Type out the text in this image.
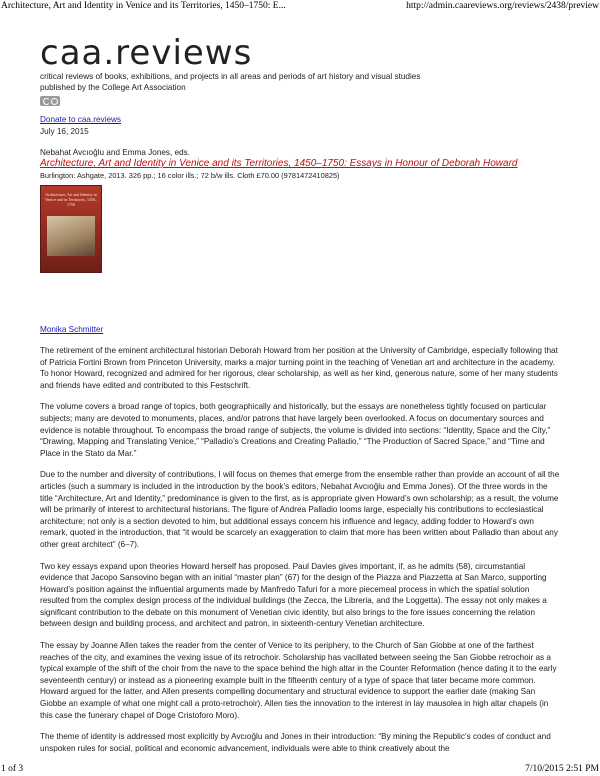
Architecture, Art and Identity in Venice and its Territories, 1450–1750: E...	http://admin.caareviews.org/reviews/2438/preview
caa.reviews
critical reviews of books, exhibitions, and projects in all areas and periods of art history and visual studies
published by the College Art Association
Donate to caa.reviews
July 16, 2015
Nebahat Avcıoğlu and Emma Jones, eds.
Architecture, Art and Identity in Venice and its Territories, 1450–1750: Essays in Honour of Deborah Howard
Burlington: Ashgate, 2013. 326 pp.; 16 color ills.; 72 b/w ills. Cloth £70.00 (9781472410825)
Architecture, Art and Identity in Venice and its Territories, 1450–1750
Monika Schmitter

The retirement of the eminent architectural historian Deborah Howard from her position at the University of Cambridge, especially following that of Patricia Fortini Brown from Princeton University, marks a major turning point in the teaching of Venetian art and architecture in the academy. To honor Howard, recognized and admired for her rigorous, clear scholarship, as well as her kind, generous nature, some of her many students and friends have edited and contributed to this Festschrift.

The volume covers a broad range of topics, both geographically and historically, but the essays are nonetheless tightly focused on particular subjects; many are devoted to monuments, places, and/or patrons that have largely been overlooked. A focus on documentary sources and evidence is notable throughout. To encompass the broad range of subjects, the volume is divided into sections: “Identity, Space and the City,” “Drawing, Mapping and Translating Venice,” “Palladio’s Creations and Creating Palladio,” “The Production of Sacred Space,” and “Time and Place in the Stato da Mar.”

Due to the number and diversity of contributions, I will focus on themes that emerge from the ensemble rather than provide an account of all the articles (such a summary is included in the introduction by the book’s editors, Nebahat Avcıoğlu and Emma Jones). Of the three words in the title “Architecture, Art and Identity,” predominance is given to the first, as is appropriate given Howard’s own scholarship; as a result, the volume will be primarily of interest to architectural historians. The figure of Andrea Palladio looms large, especially his contributions to ecclesiastical architecture; not only is a section devoted to him, but additional essays concern his influence and legacy, adding fodder to Howard’s own remark, quoted in the introduction, that “it would be scarcely an exaggeration to claim that more has been written about Palladio than about any other great architect” (6–7).

Two key essays expand upon theories Howard herself has proposed. Paul Davies gives important, if, as he admits (58), circumstantial evidence that Jacopo Sansovino began with an initial “master plan” (67) for the design of the Piazza and Piazzetta at San Marco, supporting Howard’s position against the influential arguments made by Manfredo Tafuri for a more piecemeal process in which the spatial solution resulted from the complex design process of the individual buildings (the Zecca, the Libreria, and the Loggetta). The essay not only makes a significant contribution to the debate on this monument of Venetian civic identity, but also brings to the fore issues concerning the relation between design and building process, and architect and patron, in sixteenth-century Venetian architecture.

The essay by Joanne Allen takes the reader from the center of Venice to its periphery, to the Church of San Giobbe at one of the farthest reaches of the city, and examines the vexing issue of its retrochoir. Scholarship has vacillated between seeing the San Giobbe retrochoir as a typical example of the shift of the choir from the nave to the space behind the high altar in the Counter Reformation (hence dating it to the early seventeenth century) or instead as a pioneering example built in the fifteenth century of a type of space that later became more common. Howard argued for the latter, and Allen presents compelling documentary and structural evidence to support the earlier date (making San Giobbe an example of what one might call a proto-retrochoir). Allen ties the innovation to the interest in lay mausolea in high altar chapels (in this case the funerary chapel of Doge Cristoforo Moro).

The theme of identity is addressed most explicitly by Avcıoğlu and Jones in their introduction: “By mining the Republic’s codes of conduct and unspoken rules for social, political and economic advancement, individuals were able to think creatively about the

1 of 3	7/10/2015 2:51 PM
